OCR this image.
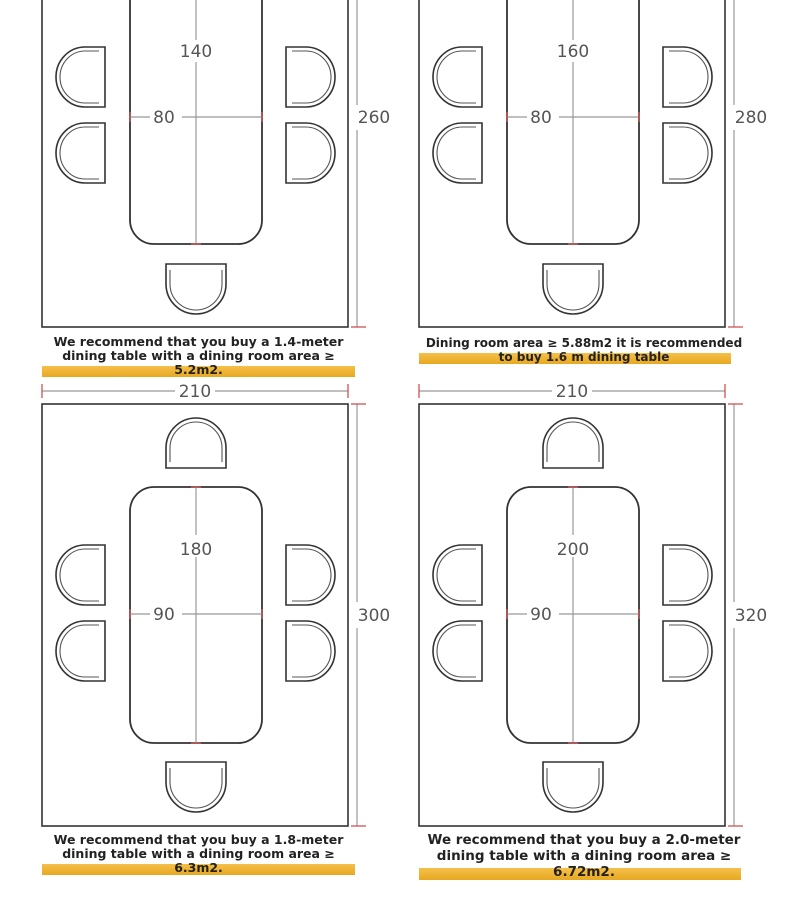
140
80	260
We recommend that you buy a 1.4-meter dining table with a dining room area ≥ 5.2m2.
160
80	280
Dining room area ≥ 5.88m2 it is recommended to buy 1.6 m dining table
210
180
90	300
We recommend that you buy a 1.8-meter dining table with a dining room area ≥ 6.3m2.
210
200
90	320
We recommend that you buy a 2.0-meter dining table with a dining room area ≥ 6.72m2.
